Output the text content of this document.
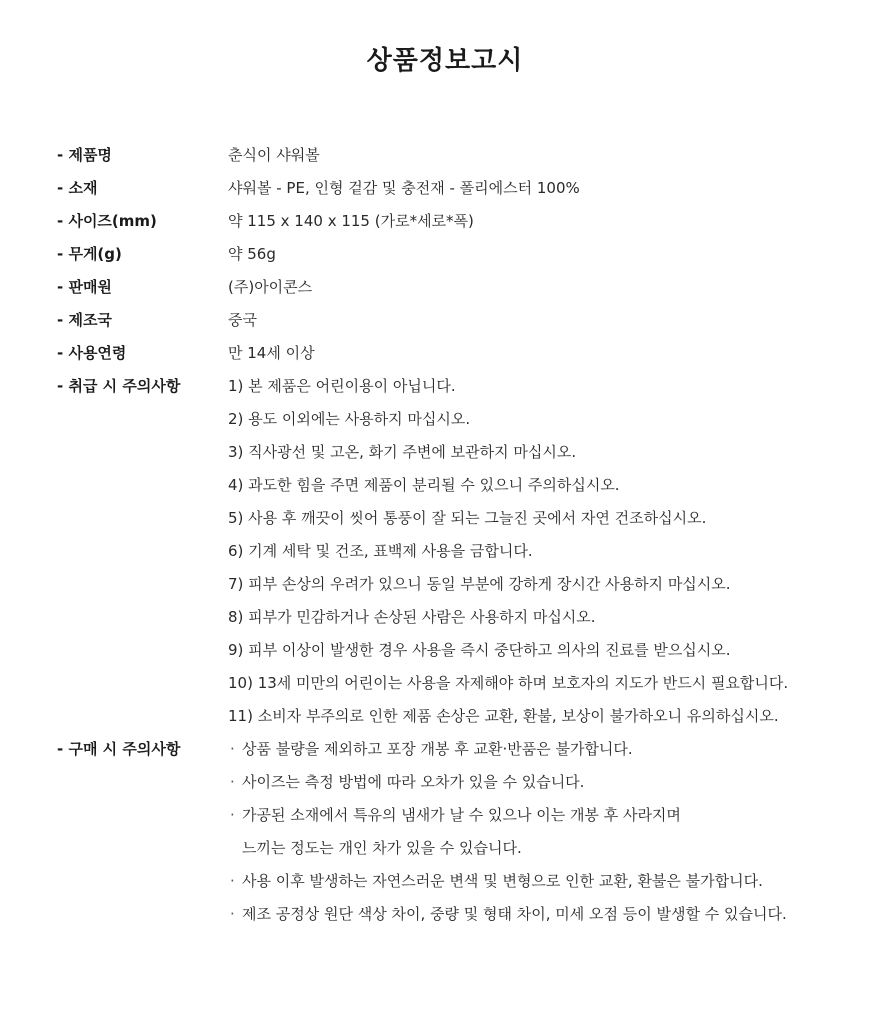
상품정보고시
- 제품명	춘식이 샤워볼
- 소재	샤워볼 - PE, 인형 겉감 및 충전재 - 폴리에스터 100%
- 사이즈(mm)	약 115 x 140 x 115 (가로*세로*폭)
- 무게(g)	약 56g
- 판매원	(주)아이콘스
- 제조국	중국
- 사용연령	만 14세 이상
- 취급 시 주의사항	1) 본 제품은 어린이용이 아닙니다.
2) 용도 이외에는 사용하지 마십시오.
3) 직사광선 및 고온, 화기 주변에 보관하지 마십시오.
4) 과도한 힘을 주면 제품이 분리될 수 있으니 주의하십시오.
5) 사용 후 깨끗이 씻어 통풍이 잘 되는 그늘진 곳에서 자연 건조하십시오.
6) 기계 세탁 및 건조, 표백제 사용을 금합니다.
7) 피부 손상의 우려가 있으니 동일 부분에 강하게 장시간 사용하지 마십시오.
8) 피부가 민감하거나 손상된 사람은 사용하지 마십시오.
9) 피부 이상이 발생한 경우 사용을 즉시 중단하고 의사의 진료를 받으십시오.
10) 13세 미만의 어린이는 사용을 자제해야 하며 보호자의 지도가 반드시 필요합니다.
11) 소비자 부주의로 인한 제품 손상은 교환, 환불, 보상이 불가하오니 유의하십시오.
- 구매 시 주의사항	· 상품 불량을 제외하고 포장 개봉 후 교환·반품은 불가합니다.
· 사이즈는 측정 방법에 따라 오차가 있을 수 있습니다.
· 가공된 소재에서 특유의 냄새가 날 수 있으나 이는 개봉 후 사라지며
느끼는 정도는 개인 차가 있을 수 있습니다.
· 사용 이후 발생하는 자연스러운 변색 및 변형으로 인한 교환, 환불은 불가합니다.
· 제조 공정상 원단 색상 차이, 중량 및 형태 차이, 미세 오점 등이 발생할 수 있습니다.
